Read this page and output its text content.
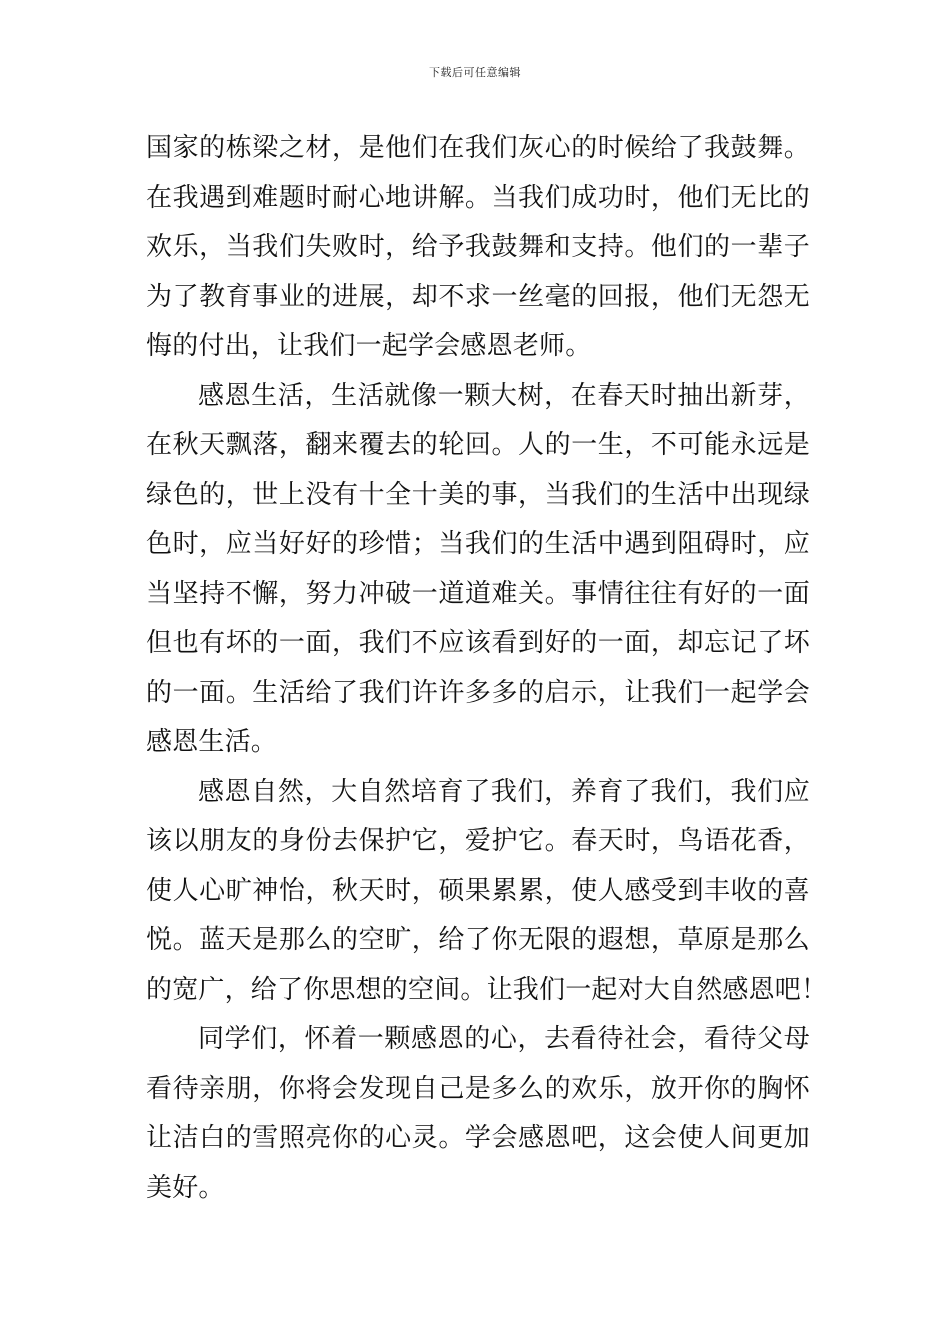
下载后可任意编辑
国家的栋梁之材，是他们在我们灰心的时候给了我鼓舞。
在我遇到难题时耐心地讲解。当我们成功时，他们无比的
欢乐，当我们失败时，给予我鼓舞和支持。他们的一辈子
为了教育事业的进展，却不求一丝毫的回报，他们无怨无
悔的付出，让我们一起学会感恩老师。
感恩生活，生活就像一颗大树，在春天时抽出新芽，
在秋天飘落，翻来覆去的轮回。人的一生，不可能永远是
绿色的，世上没有十全十美的事，当我们的生活中出现绿
色时，应当好好的珍惜；当我们的生活中遇到阻碍时，应
当坚持不懈，努力冲破一道道难关。事情往往有好的一面
但也有坏的一面，我们不应该看到好的一面，却忘记了坏
的一面。生活给了我们许许多多的启示，让我们一起学会
感恩生活。
感恩自然，大自然培育了我们，养育了我们，我们应
该以朋友的身份去保护它，爱护它。春天时，鸟语花香，
使人心旷神怡，秋天时，硕果累累，使人感受到丰收的喜
悦。蓝天是那么的空旷，给了你无限的遐想，草原是那么
的宽广，给了你思想的空间。让我们一起对大自然感恩吧！
同学们，怀着一颗感恩的心，去看待社会，看待父母
看待亲朋，你将会发现自己是多么的欢乐，放开你的胸怀
让洁白的雪照亮你的心灵。学会感恩吧，这会使人间更加
美好。
